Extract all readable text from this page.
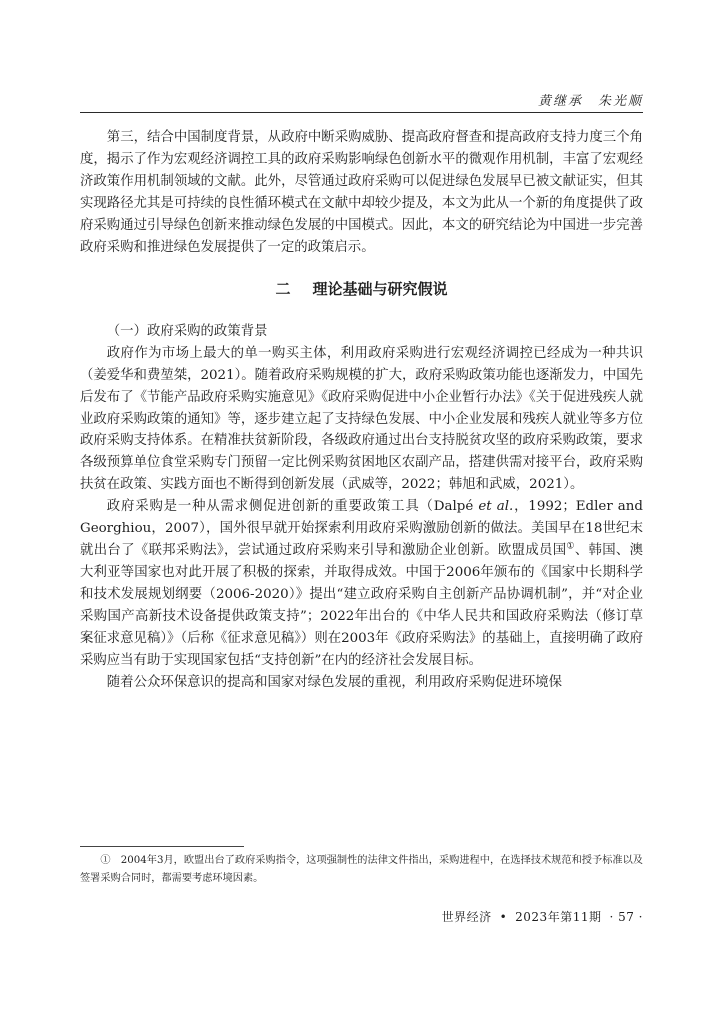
黄继承　朱光顺

第三，结合中国制度背景，从政府中断采购威胁、提高政府督查和提高政府支持力度三个角度，揭示了作为宏观经济调控工具的政府采购影响绿色创新水平的微观作用机制，丰富了宏观经济政策作用机制领域的文献。此外，尽管通过政府采购可以促进绿色发展早已被文献证实，但其实现路径尤其是可持续的良性循环模式在文献中却较少提及，本文为此从一个新的角度提供了政府采购通过引导绿色创新来推动绿色发展的中国模式。因此，本文的研究结论为中国进一步完善政府采购和推进绿色发展提供了一定的政策启示。

二 理论基础与研究假说

（一）政府采购的政策背景

政府作为市场上最大的单一购买主体，利用政府采购进行宏观经济调控已经成为一种共识（姜爱华和费堃桀，2021）。随着政府采购规模的扩大，政府采购政策功能也逐渐发力，中国先后发布了《节能产品政府采购实施意见》《政府采购促进中小企业暂行办法》《关于促进残疾人就业政府采购政策的通知》等，逐步建立起了支持绿色发展、中小企业发展和残疾人就业等多方位政府采购支持体系。在精准扶贫新阶段，各级政府通过出台支持脱贫攻坚的政府采购政策，要求各级预算单位食堂采购专门预留一定比例采购贫困地区农副产品，搭建供需对接平台，政府采购扶贫在政策、实践方面也不断得到创新发展（武威等，2022；韩旭和武威，2021）。

政府采购是一种从需求侧促进创新的重要政策工具（Dalpé et al.，1992；Edler and Georghiou，2007），国外很早就开始探索利用政府采购激励创新的做法。美国早在18世纪末就出台了《联邦采购法》，尝试通过政府采购来引导和激励企业创新。欧盟成员国①、韩国、澳大利亚等国家也对此开展了积极的探索，并取得成效。中国于2006年颁布的《国家中长期科学和技术发展规划纲要（2006-2020）》提出“建立政府采购自主创新产品协调机制”，并“对企业采购国产高新技术设备提供政策支持”；2022年出台的《中华人民共和国政府采购法（修订草案征求意见稿）》（后称《征求意见稿》）则在2003年《政府采购法》的基础上，直接明确了政府采购应当有助于实现国家包括“支持创新”在内的经济社会发展目标。

随着公众环保意识的提高和国家对绿色发展的重视，利用政府采购促进环境保

①　2004年3月，欧盟出台了政府采购指令，这项强制性的法律文件指出，采购进程中，在选择技术规范和授予标准以及签署采购合同时，都需要考虑环境因素。

世界经济 • 2023年第11期 · 57 ·
